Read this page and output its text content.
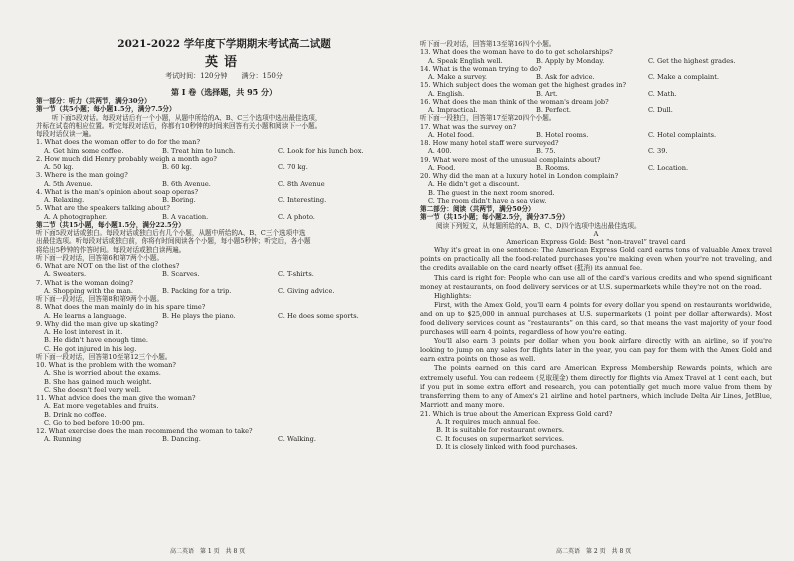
2021-2022 学年度下学期期末考试高二试题
英语
考试时间：120分钟　　满分：150分
第 I 卷（选择题，共 95 分）
第一部分：听力（共两节，满分30分）
第一节（共5小题；每小题1.5分，满分7.5分）
听下面5段对话。每段对话后有一个小题，从题中所给的A、B、C三个选项中选出最佳选项，
并标在试卷的相应位置。听完每段对话后，你都有10秒钟的时间来回答有关小题和阅读下一小题。
每段对话仅读一遍。
1. What does the woman offer to do for the man?
A. Get him some coffee.	B. Treat him to lunch.	C. Look for his lunch box.
2. How much did Henry probably weigh a month ago?
A. 50 kg.	B. 60 kg.	C. 70 kg.
3. Where is the man going?
A. 5th Avenue.	B. 6th Avenue.	C. 8th Avenue
4. What is the man's opinion about soap operas?
A. Relaxing.	B. Boring.	C. Interesting.
5. What are the speakers talking about?
A. A photographer.	B. A vacation.	C. A photo.
第二节（共15小题，每小题1.5分，满分22.5分）
听下面5段对话或独白。每段对话或独白后有几个小题，从题中所给的A、B、C三个选项中选
出最佳选项。听每段对话或独白前，你将有时间阅读各个小题，每小题5秒钟；听完后，各小题
将给出5秒钟的作答时间。每段对话或独白读两遍。
听下面一段对话，回答第6和第7两个小题。
6. What are NOT on the list of the clothes?
A. Sweaters.	B. Scarves.	C. T-shirts.
7. What is the woman doing?
A. Shopping with the man.	B. Packing for a trip.	C. Giving advice.
听下面一段对话，回答第8和第9两个小题。
8. What does the man mainly do in his spare time?
A. He learns a language.	B. He plays the piano.	C. He does some sports.
9. Why did the man give up skating?
A. He lost interest in it.
B. He didn't have enough time.
C. He got injured in his leg.
听下面一段对话，回答第10至第12三个小题。
10. What is the problem with the woman?
A. She is worried about the exams.
B. She has gained much weight.
C. She doesn't feel very well.
11. What advice does the man give the woman?
A. Eat more vegetables and fruits.
B. Drink no coffee.
C. Go to bed before 10:00 pm.
12. What exercise does the man recommend the woman to take?
A. Running	B. Dancing.	C. Walking.
听下面一段对话，回答第13至第16四个小题。
13. What does the woman have to do to get scholarships?
A. Speak English well.	B. Apply by Monday.	C. Get the highest grades.
14. What is the woman trying to do?
A. Make a survey.	B. Ask for advice.	C. Make a complaint.
15. Which subject does the woman get the highest grades in?
A. English.	B. Art.	C. Math.
16. What does the man think of the woman's dream job?
A. Impractical.	B. Perfect.	C. Dull.
听下面一段独白，回答第17至第20四个小题。
17. What was the survey on?
A. Hotel food.	B. Hotel rooms.	C. Hotel complaints.
18. How many hotel staff were surveyed?
A. 400.	B. 75.	C. 39.
19. What were most of the unusual complaints about?
A. Food.	B. Rooms.	C. Location.
20. Why did the man at a luxury hotel in London complain?
A. He didn't get a discount.
B. The guest in the next room snored.
C. The room didn't have a sea view.
第二部分：阅读（共两节，满分50分）
第一节（共15小题；每小题2.5分，满分37.5分）
阅读下列短文，从每题所给的A、B、C、D四个选项中选出最佳选项。
A
American Express Gold: Best “non-travel” travel card
Why it's great in one sentence: The American Express Gold card earns tons of valuable Amex travel points on practically all the food-related purchases you're making even when your're not traveling, and the credits available on the card nearly offset (抵消) its annual fee.
This card is right for: People who can use all of the card's various credits and who spend significant money at restaurants, on food delivery services or at U.S. supermarkets while they're not on the road.
Highlights:
First, with the Amex Gold, you'll earn 4 points for every dollar you spend on restaurants worldwide, and on up to $25,000 in annual purchases at U.S. supermarkets (1 point per dollar afterwards). Most food delivery services count as “restaurants” on this card, so that means the vast majority of your food purchases will earn 4 points, regardless of how you're eating.
You'll also earn 3 points per dollar when you book airfare directly with an airline, so if you're looking to jump on any sales for flights later in the year, you can pay for them with the Amex Gold and earn extra points on those as well.
The points earned on this card are American Express Membership Rewards points, which are extremely useful. You can redeem (兑取现金) them directly for flights via Amex Travel at 1 cent each, but if you put in some extra effort and research, you can potentially get much more value from them by transferring them to any of Amex's 21 airline and hotel partners, which include Delta Air Lines, JetBlue, Marriott and many more.
21. Which is true about the American Express Gold card?
A. It requires much annual fee.
B. It is suitable for restaurant owners.
C. It focuses on supermarket services.
D. It is closely linked with food purchases.
高二英语　第 1 页　共 8 页	高二英语　第 2 页　共 8 页
